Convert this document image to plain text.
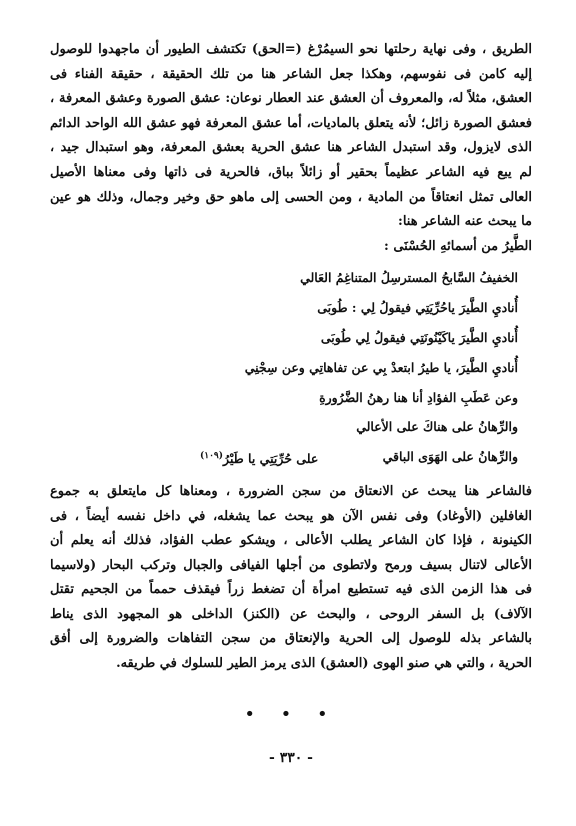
الطريق ، وفى نهاية رحلتها نحو السيمُرْغ (=الحق) تكتشف الطيور أن ماجهدوا للوصول
إليه كامن فى نفوسهم، وهكذا جعل الشاعر هنا من تلك الحقيقة ، حقيقة الفناء فى
العشق، مثلاً له، والمعروف أن العشق عند العطار نوعان: عشق الصورة وعشق المعرفة ،
فعشق الصورة زائل؛ لأنه يتعلق بالماديات، أما عشق المعرفة فهو عشق الله الواحد الدائم
الذى لايزول، وقد استبدل الشاعر هنا عشق الحرية بعشق المعرفة، وهو استبدال جيد ،
لم يبع فيه الشاعر عظيماً بحقير أو زائلاً بباق، فالحرية فى ذاتها وفى معناها الأصيل
العالى تمثل انعتاقاً من المادية ، ومن الحسى إلى ماهو حق وخير وجمال، وذلك هو عين
ما يبحث عنه الشاعر هنا:
الطَّيرُ من أسمائهِ الحُسْنَى :
الخفيفُ السَّابحُ المسترسِلُ المتناغِمُ العَالي
أُناديِ الطَّيرَ ياحُرِّيَتِي فيقولُ لِي : طُوبَى
أُناديِ الطَّيرَ ياكَيْنُونَتِي فيقولُ لِي طُوبَى
أُناديِ الطَّيرَ، يا طيرُ ابتعدْ بِي عن تفاهاتِي وعن سِجْنِي
وعن عَطَبِ الفؤادِ أنا هنا رهنُ الضَّرُورةِ
والرِّهانُ على هناكَ على الأعالي
والرِّهانُ على الهَوَى الباقي
على حُرِّيَتِي يا طَيْرُ$^{(١٠٩)}$
فالشاعر هنا يبحث عن الانعتاق من سجن الضرورة ، ومعناها كل مايتعلق به جموع
الغافلين (الأوغاد) وفى نفس الآن هو يبحث عما يشغله، في داخل نفسه أيضاً ، فى
الكينونة ، فإذا كان الشاعر يطلب الأعالى ، ويشكو عطب الفؤاد، فذلك أنه يعلم أن
الأعالى لاتنال بسيف ورمح ولاتطوى من أجلها الفيافى والجبال وتركب البحار (ولاسيما
فى هذا الزمن الذى فيه تستطيع امرأة أن تضغط زراً فيقذف حمماً من الجحيم تقتل
الآلاف) بل السفر الروحى ، والبحث عن (الكنز) الداخلى هو المجهود الذى يناط
بالشاعر بذله للوصول إلى الحرية والإنعتاق من سجن التفاهات والضرورة إلى أفق
الحرية ، والتي هي صنو الهوى (العشق) الذى يرمز الطير للسلوك في طريقه.
• • •
- ٣٣٠ -
